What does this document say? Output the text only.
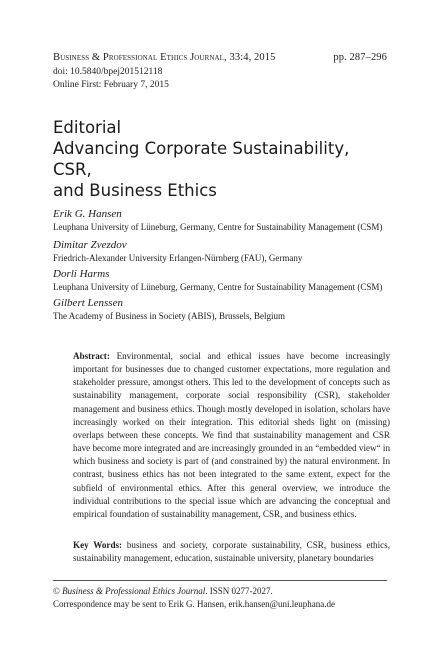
Business & Professional Ethics Journal, 33:4, 2015	pp. 287–296
doi: 10.5840/bpej201512118
Online First: February 7, 2015
Editorial
Advancing Corporate Sustainability, CSR,
and Business Ethics
Erik G. Hansen
Leuphana University of Lüneburg, Germany, Centre for Sustainability Management (CSM)
Dimitar Zvezdov
Friedrich-Alexander University Erlangen-Nürnberg (FAU), Germany
Dorli Harms
Leuphana University of Lüneburg, Germany, Centre for Sustainability Management (CSM)
Gilbert Lenssen
The Academy of Business in Society (ABIS), Brussels, Belgium
Abstract: Environmental, social and ethical issues have become increasingly important for businesses due to changed customer expectations, more regulation and stakeholder pressure, amongst others. This led to the development of concepts such as sustainability management, corporate social responsibility (CSR), stakeholder management and business ethics. Though mostly developed in isolation, scholars have increasingly worked on their integration. This editorial sheds light on (missing) overlaps between these concepts. We find that sustainability management and CSR have become more integrated and are increasingly grounded in an “embedded view“ in which business and society is part of (and constrained by) the natural environment. In contrast, business ethics has not been integrated to the same extent, expect for the subfield of environmental ethics. After this general overview, we introduce the individual contributions to the special issue which are advancing the conceptual and empirical foundation of sustainability management, CSR, and business ethics.
Key Words: business and society, corporate sustainability, CSR, business ethics, sustainability management, education, sustainable university, planetary boundaries
© Business & Professional Ethics Journal. ISSN 0277-2027.
Correspondence may be sent to Erik G. Hansen, erik.hansen@uni.leuphana.de
